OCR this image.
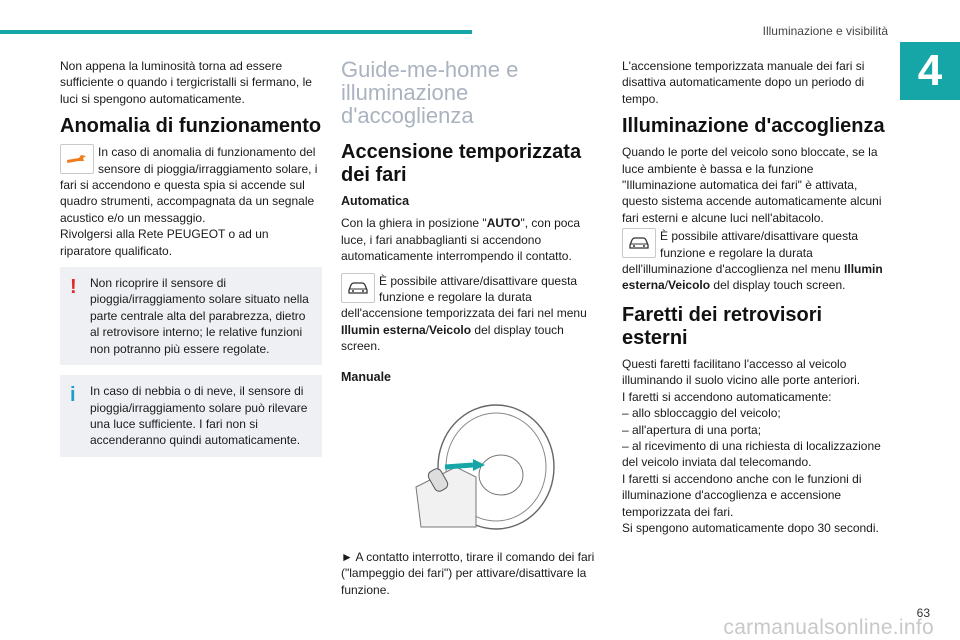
Illuminazione e visibilità
4

Non appena la luminosità torna ad essere sufficiente o quando i tergicristalli si fermano, le luci si spengono automaticamente.

Anomalia di funzionamento
In caso di anomalia di funzionamento del sensore di pioggia/irraggiamento solare, i fari si accendono e questa spia si accende sul quadro strumenti, accompagnata da un segnale acustico e/o un messaggio.

Rivolgersi alla Rete PEUGEOT o ad un riparatore qualificato.

!	Non ricoprire il sensore di pioggia/irraggiamento solare situato nella parte centrale alta del parabrezza, dietro al retrovisore interno; le relative funzioni non potranno più essere regolate.
i	In caso di nebbia o di neve, il sensore di pioggia/irraggiamento solare può rilevare una luce sufficiente. I fari non si accenderanno quindi automaticamente.
Guide-me-home e illuminazione d'accoglienza
Accensione temporizzata dei fari
Automatica

Con la ghiera in posizione "AUTO", con poca luce, i fari anabbaglianti si accendono automaticamente interrompendo il contatto.

È possibile attivare/disattivare questa funzione e regolare la durata dell'accensione temporizzata dei fari nel menu Illumin esterna/Veicolo del display touch screen.
Manuale

► A contatto interrotto, tirare il comando dei fari ("lampeggio dei fari") per attivare/disattivare la funzione.

L'accensione temporizzata manuale dei fari si disattiva automaticamente dopo un periodo di tempo.

Illuminazione d'accoglienza

Quando le porte del veicolo sono bloccate, se la luce ambiente è bassa e la funzione "Illuminazione automatica dei fari" è attivata, questo sistema accende automaticamente alcuni fari esterni e alcune luci nell'abitacolo.

È possibile attivare/disattivare questa funzione e regolare la durata dell'illuminazione d'accoglienza nel menu Illumin esterna/Veicolo del display touch screen.
Faretti dei retrovisori esterni
Questi faretti facilitano l'accesso al veicolo illuminando il suolo vicino alle porte anteriori.
I faretti si accendono automaticamente:
– allo sbloccaggio del veicolo;
– all'apertura di una porta;
– al ricevimento di una richiesta di localizzazione del veicolo inviata dal telecomando.
I faretti si accendono anche con le funzioni di illuminazione d'accoglienza e accensione temporizzata dei fari.
Si spengono automaticamente dopo 30 secondi.
carmanualsonline.info
63
